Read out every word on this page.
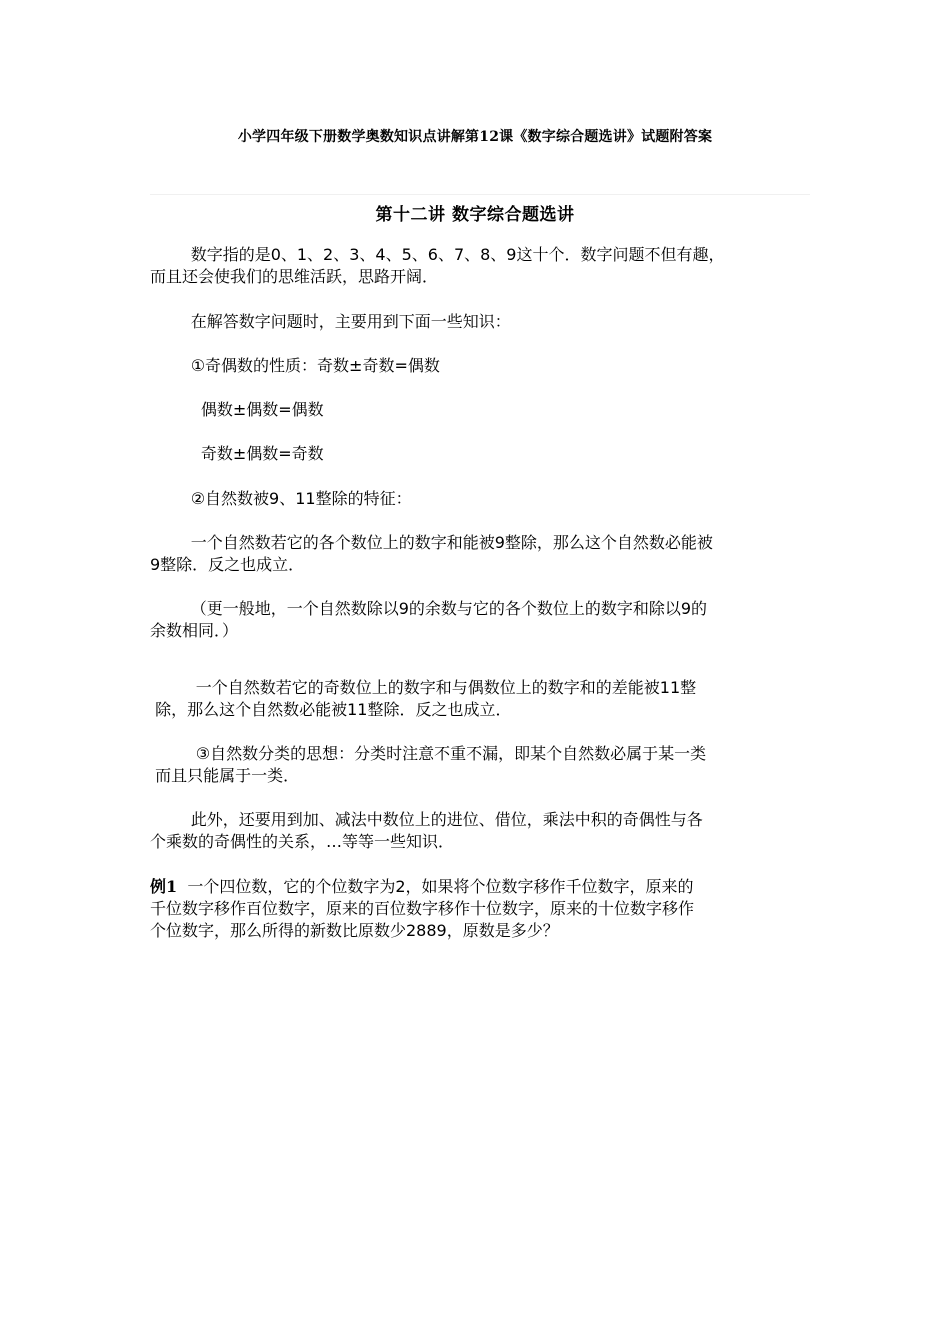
小学四年级下册数学奥数知识点讲解第12课《数字综合题选讲》试题附答案
第十二讲 数字综合题选讲

数字指的是0、1、2、3、4、5、6、7、8、9这十个．数字问题不但有趣，
而且还会使我们的思维活跃，思路开阔．

在解答数字问题时，主要用到下面一些知识：

①奇偶数的性质：奇数±奇数=偶数

偶数±偶数=偶数

奇数±偶数=奇数

②自然数被9、11整除的特征：

一个自然数若它的各个数位上的数字和能被9整除，那么这个自然数必能被
9整除．反之也成立．

（更一般地，一个自然数除以9的余数与它的各个数位上的数字和除以9的
余数相同．）

一个自然数若它的奇数位上的数字和与偶数位上的数字和的差能被11整
除，那么这个自然数必能被11整除．反之也成立．

③自然数分类的思想：分类时注意不重不漏，即某个自然数必属于某一类
而且只能属于一类．

此外，还要用到加、减法中数位上的进位、借位，乘法中积的奇偶性与各
个乘数的奇偶性的关系，…等等一些知识．

例1  一个四位数，它的个位数字为2，如果将个位数字移作千位数字，原来的
千位数字移作百位数字，原来的百位数字移作十位数字，原来的十位数字移作
个位数字，那么所得的新数比原数少2889，原数是多少？
